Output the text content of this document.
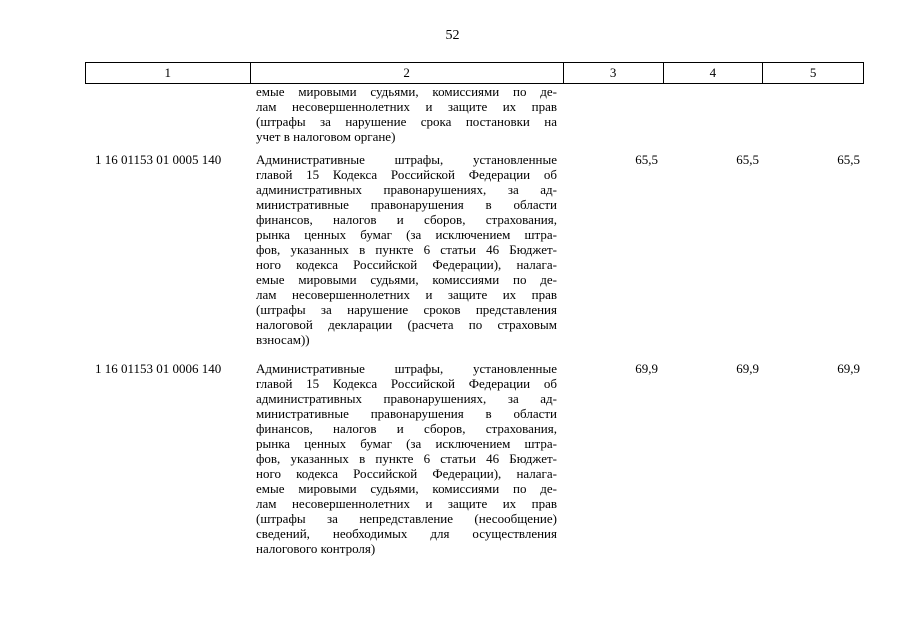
52
1	2	3	4	5
емые мировыми судьями, комиссиями по де-
лам несовершеннолетних и защите их прав
(штрафы за нарушение срока постановки на
учет в налоговом органе)
1 16 01153 01 0005 140	Административные штрафы, установленные
главой 15 Кодекса Российской Федерации об
административных правонарушениях, за ад-
министративные правонарушения в области
финансов, налогов и сборов, страхования,
рынка ценных бумаг (за исключением штра-
фов, указанных в пункте 6 статьи 46 Бюджет-
ного кодекса Российской Федерации), налага-
емые мировыми судьями, комиссиями по де-
лам несовершеннолетних и защите их прав
(штрафы за нарушение сроков представления
налоговой декларации (расчета по страховым
взносам))
65,5	65,5	65,5
1 16 01153 01 0006 140	Административные штрафы, установленные
главой 15 Кодекса Российской Федерации об
административных правонарушениях, за ад-
министративные правонарушения в области
финансов, налогов и сборов, страхования,
рынка ценных бумаг (за исключением штра-
фов, указанных в пункте 6 статьи 46 Бюджет-
ного кодекса Российской Федерации), налага-
емые мировыми судьями, комиссиями по де-
лам несовершеннолетних и защите их прав
(штрафы за непредставление (несообщение)
сведений, необходимых для осуществления
налогового контроля)
69,9	69,9	69,9
